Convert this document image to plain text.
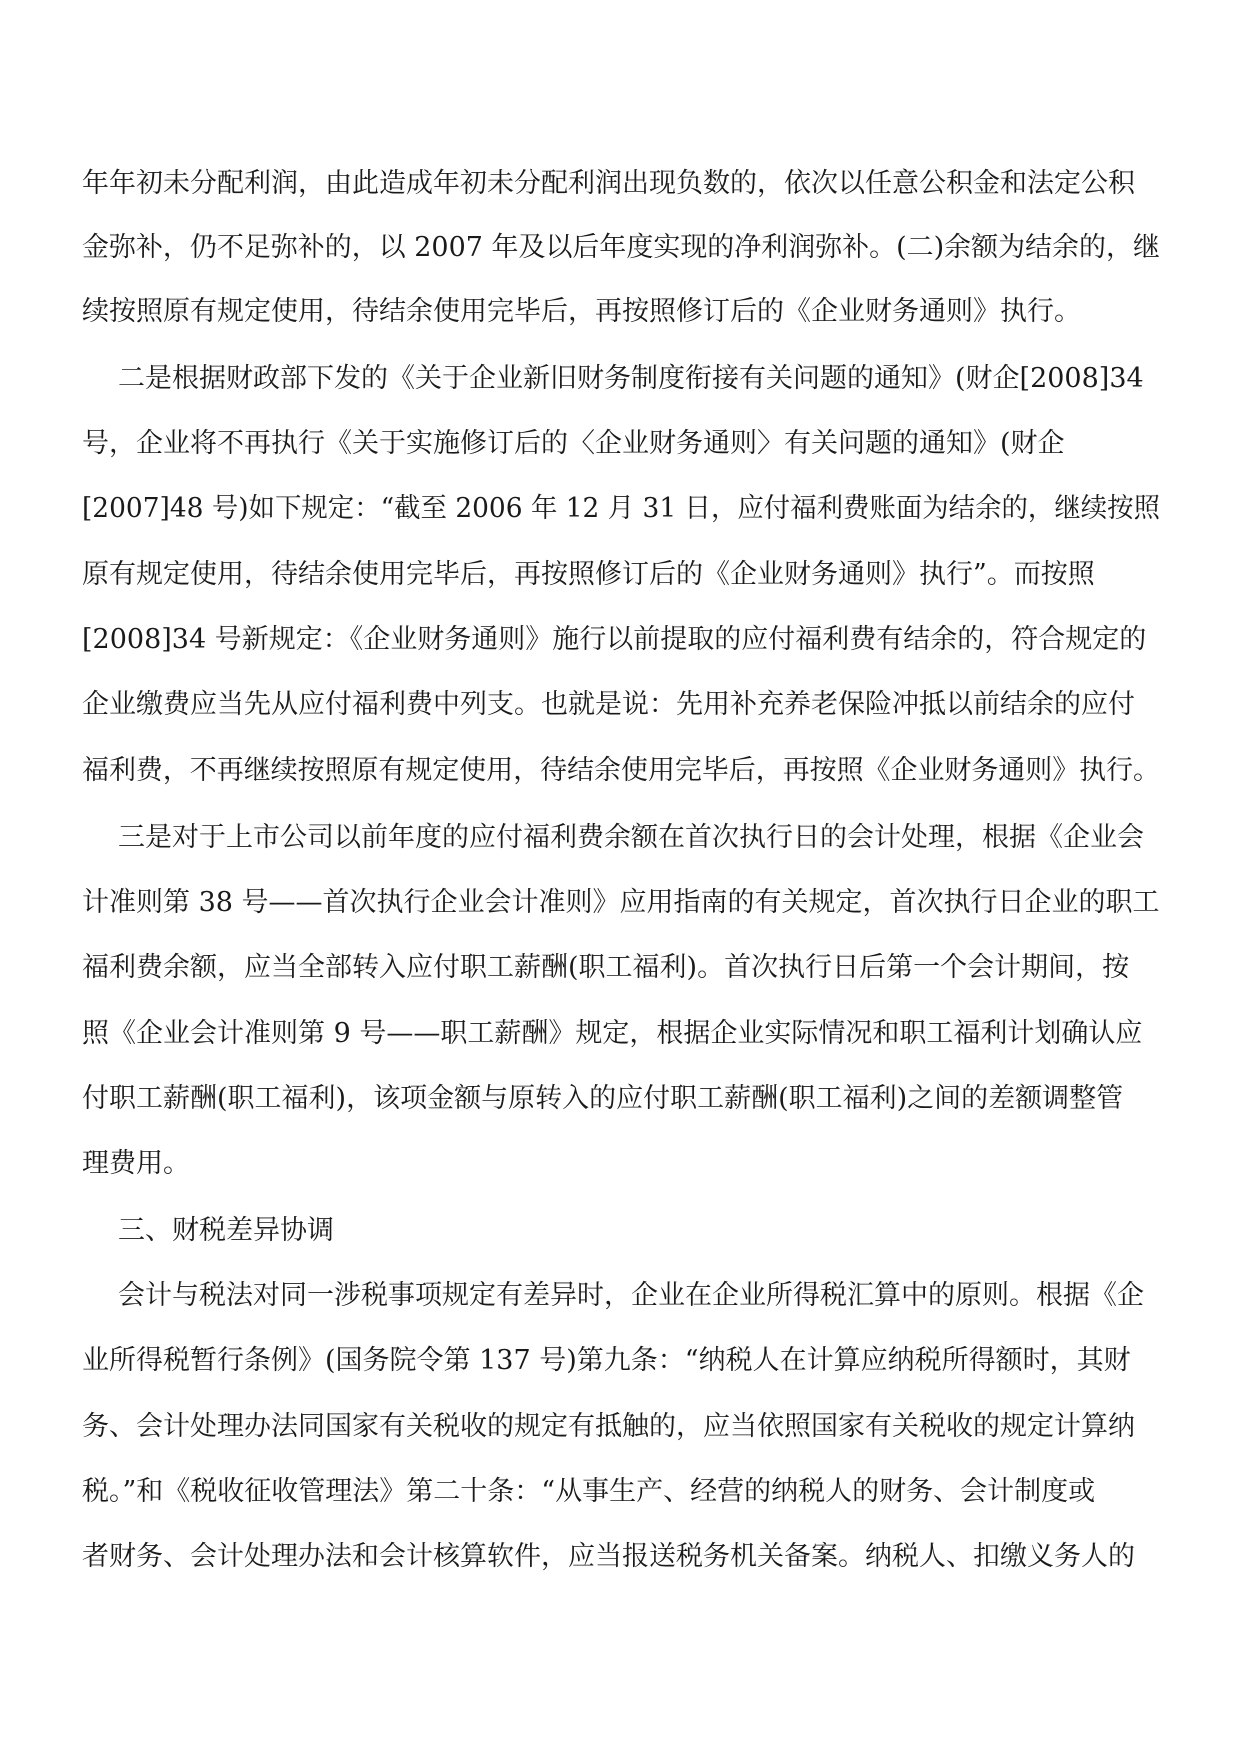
年年初未分配利润，由此造成年初未分配利润出现负数的，依次以任意公积金和法定公积
金弥补，仍不足弥补的，以 2007 年及以后年度实现的净利润弥补。(二)余额为结余的，继
续按照原有规定使用，待结余使用完毕后，再按照修订后的《企业财务通则》执行。
二是根据财政部下发的《关于企业新旧财务制度衔接有关问题的通知》(财企[2008]34
号，企业将不再执行《关于实施修订后的〈企业财务通则〉有关问题的通知》(财企
[2007]48 号)如下规定：“截至 2006 年 12 月 31 日，应付福利费账面为结余的，继续按照
原有规定使用，待结余使用完毕后，再按照修订后的《企业财务通则》执行”。而按照
[2008]34 号新规定：《企业财务通则》施行以前提取的应付福利费有结余的，符合规定的
企业缴费应当先从应付福利费中列支。也就是说：先用补充养老保险冲抵以前结余的应付
福利费，不再继续按照原有规定使用，待结余使用完毕后，再按照《企业财务通则》执行。
三是对于上市公司以前年度的应付福利费余额在首次执行日的会计处理，根据《企业会
计准则第 38 号——首次执行企业会计准则》应用指南的有关规定，首次执行日企业的职工
福利费余额，应当全部转入应付职工薪酬(职工福利)。首次执行日后第一个会计期间，按
照《企业会计准则第 9 号——职工薪酬》规定，根据企业实际情况和职工福利计划确认应
付职工薪酬(职工福利)，该项金额与原转入的应付职工薪酬(职工福利)之间的差额调整管
理费用。
三、财税差异协调
会计与税法对同一涉税事项规定有差异时，企业在企业所得税汇算中的原则。根据《企
业所得税暂行条例》(国务院令第 137 号)第九条：“纳税人在计算应纳税所得额时，其财
务、会计处理办法同国家有关税收的规定有抵触的，应当依照国家有关税收的规定计算纳
税。”和《税收征收管理法》第二十条：“从事生产、经营的纳税人的财务、会计制度或
者财务、会计处理办法和会计核算软件，应当报送税务机关备案。纳税人、扣缴义务人的
